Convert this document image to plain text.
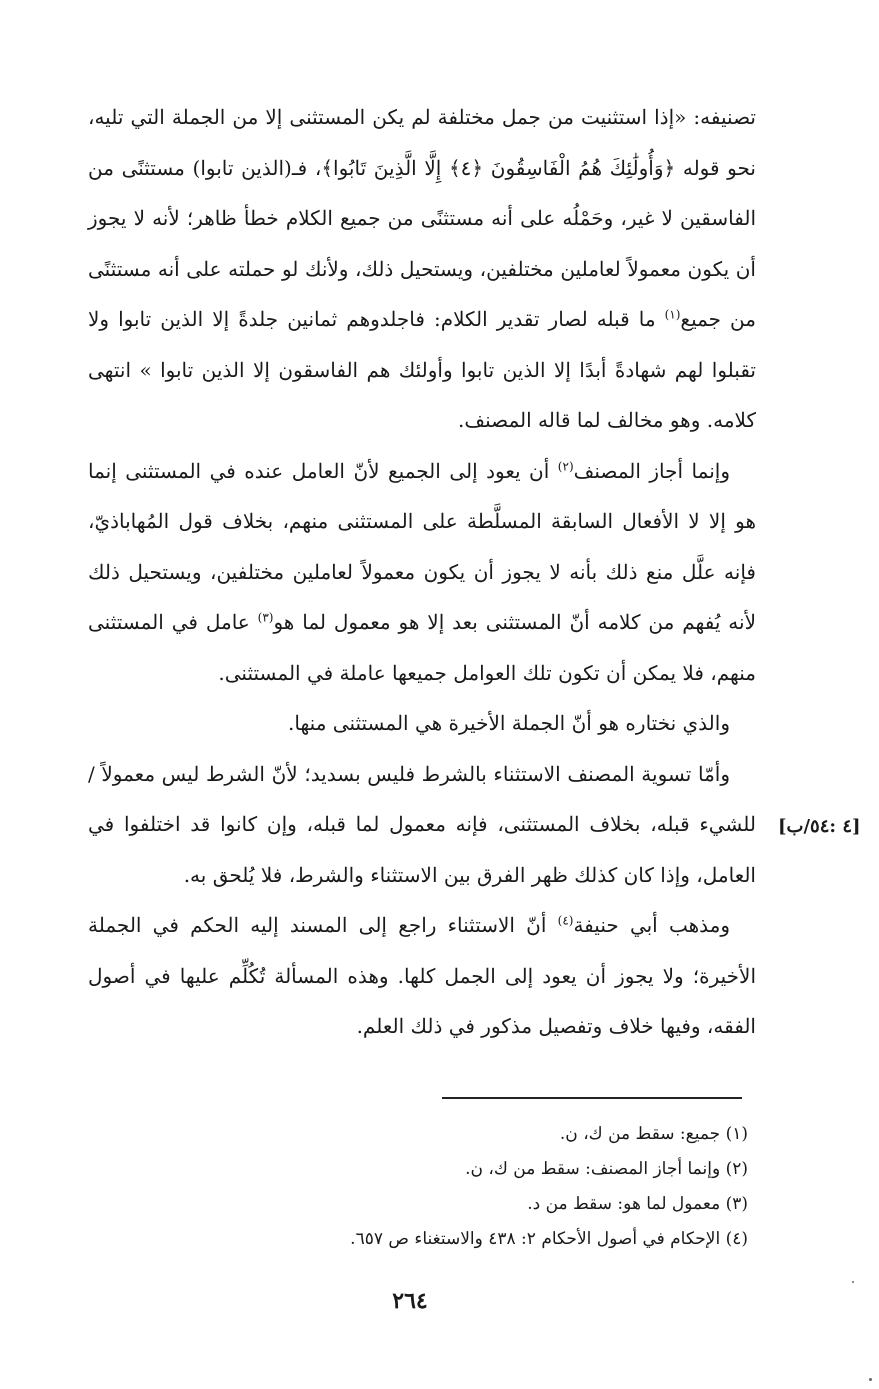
تصنيفه: «إذا استثنيت من جمل مختلفة لم يكن المستثنى إلا من الجملة التي تليه، نحو قوله ﴿وَأُولَٰئِكَ هُمُ الْفَاسِقُونَ ﴿٤﴾ إِلَّا الَّذِينَ تَابُوا﴾، فـ(الذين تابوا) مستثنًى من الفاسقين لا غير، وحَمْلُه على أنه مستثنًى من جميع الكلام خطأ ظاهر؛ لأنه لا يجوز أن يكون معمولاً لعاملين مختلفين، ويستحيل ذلك، ولأنك لو حملته على أنه مستثنًى من جميع$^{(١)}$ ما قبله لصار تقدير الكلام: فاجلدوهم ثمانين جلدةً إلا الذين تابوا ولا تقبلوا لهم شهادةً أبدًا إلا الذين تابوا وأولئك هم الفاسقون إلا الذين تابوا » انتهى كلامه. وهو مخالف لما قاله المصنف.

وإنما أجاز المصنف$^{(٢)}$ أن يعود إلى الجميع لأنّ العامل عنده في المستثنى إنما هو إلا لا الأفعال السابقة المسلَّطة على المستثنى منهم، بخلاف قول المُهاباذيّ، فإنه علَّل منع ذلك بأنه لا يجوز أن يكون معمولاً لعاملين مختلفين، ويستحيل ذلك لأنه يُفهم من كلامه أنّ المستثنى بعد إلا هو معمول لما هو$^{(٣)}$ عامل في المستثنى منهم، فلا يمكن أن تكون تلك العوامل جميعها عاملة في المستثنى.

والذي نختاره هو أنّ الجملة الأخيرة هي المستثنى منها.

وأمّا تسوية المصنف الاستثناء بالشرط فليس بسديد؛ لأنّ الشرط ليس معمولاً /للشيء قبله، بخلاف المستثنى، فإنه معمول لما قبله، وإن كانوا قد اختلفوا في العامل، وإذا كان كذلك ظهر الفرق بين الاستثناء والشرط، فلا يُلحق به.

ومذهب أبي حنيفة$^{(٤)}$ أنّ الاستثناء راجع إلى المسند إليه الحكم في الجملة الأخيرة؛ ولا يجوز أن يعود إلى الجمل كلها. وهذه المسألة تُكُلِّم عليها في أصول الفقه، وفيها خلاف وتفصيل مذكور في ذلك العلم.

[٤ :٥٤/ب]
(١) جميع: سقط من ك، ن.
(٢) وإنما أجاز المصنف: سقط من ك، ن.
(٣) معمول لما هو: سقط من د.
(٤) الإحكام في أصول الأحكام ٢: ٤٣٨ والاستغناء ص ٦٥٧.
٢٦٤
